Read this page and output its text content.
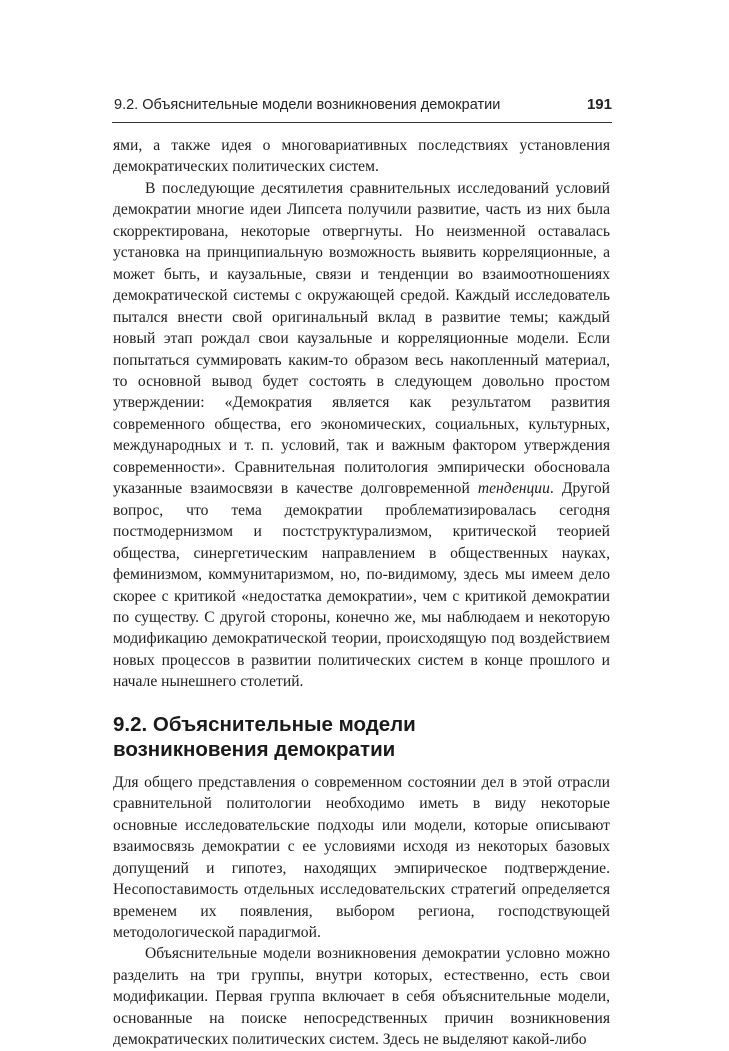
9.2. Объяснительные модели возникновения демократии	191

ями, а также идея о многовариативных последствиях установления демократических политических систем.

В последующие десятилетия сравнительных исследований условий демократии многие идеи Липсета получили развитие, часть из них была скорректирована, некоторые отвергнуты. Но неизменной оставалась установка на принципиальную возможность выявить корреляционные, а может быть, и каузальные, связи и тенденции во взаимоотношениях демократической системы с окружающей средой. Каждый исследователь пытался внести свой оригинальный вклад в развитие темы; каждый новый этап рождал свои каузальные и корреляционные модели. Если попытаться суммировать каким-то образом весь накопленный материал, то основной вывод будет состоять в следующем довольно простом утверждении: «Демократия является как результатом развития современного общества, его экономических, социальных, культурных, международных и т. п. условий, так и важным фактором утверждения современности». Сравнительная политология эмпирически обосновала указанные взаимосвязи в качестве долговременной тенденции. Другой вопрос, что тема демократии проблематизировалась сегодня постмодернизмом и постструктурализмом, критической теорией общества, синергетическим направлением в общественных науках, феминизмом, коммунитаризмом, но, по-видимому, здесь мы имеем дело скорее с критикой «недостатка демократии», чем с критикой демократии по существу. С другой стороны, конечно же, мы наблюдаем и некоторую модификацию демократической теории, происходящую под воздействием новых процессов в развитии политических систем в конце прошлого и начале нынешнего столетий.

9.2. Объяснительные модели
возникновения демократии

Для общего представления о современном состоянии дел в этой отрасли сравнительной политологии необходимо иметь в виду некоторые основные исследовательские подходы или модели, которые описывают взаимосвязь демократии с ее условиями исходя из некоторых базовых допущений и гипотез, находящих эмпирическое подтверждение. Несопоставимость отдельных исследовательских стратегий определяется временем их появления, выбором региона, господствующей методологической парадигмой.

Объяснительные модели возникновения демократии условно можно разделить на три группы, внутри которых, естественно, есть свои модификации. Первая группа включает в себя объяснительные модели, основанные на поиске непосредственных причин возникновения демократических политических систем. Здесь не выделяют какой-либо
